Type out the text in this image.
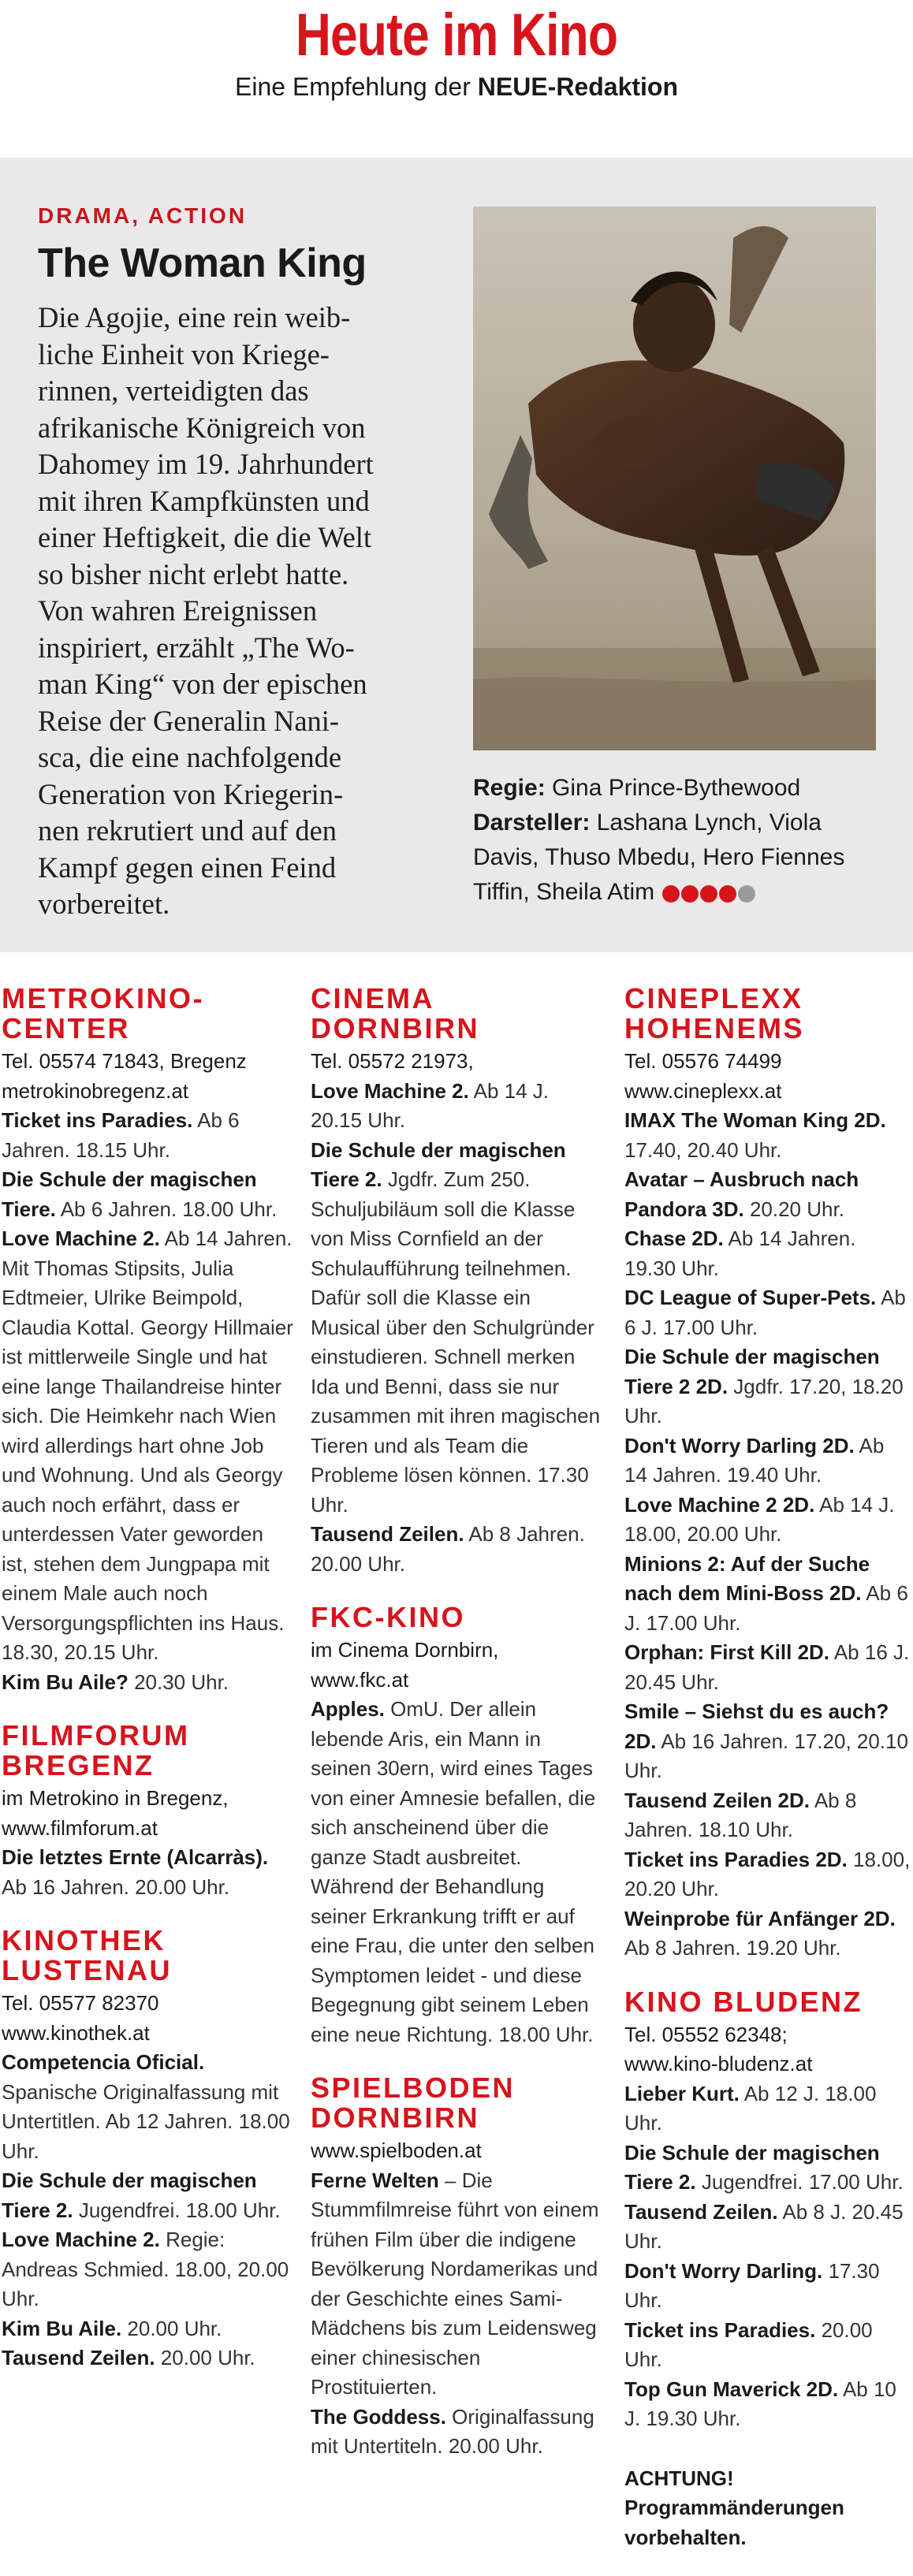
Heute im Kino
Eine Empfehlung der NEUE-Redaktion
DRAMA, ACTION
The Woman King

Die Agojie, eine rein weib-
liche Einheit von Kriege-
rinnen, verteidigten das
afrikanische Königreich von
Dahomey im 19. Jahrhundert
mit ihren Kampfkünsten und
einer Heftigkeit, die die Welt
so bisher nicht erlebt hatte.
Von wahren Ereignissen
inspiriert, erzählt „The Wo-
man King“ von der epischen
Reise der Generalin Nani-
sca, die eine nachfolgende
Generation von Kriegerin-
nen rekrutiert und auf den
Kampf gegen einen Feind
vorbereitet.

Regie: Gina Prince-Bythewood
Darsteller: Lashana Lynch, Viola
Davis, Thuso Mbedu, Hero Fiennes
Tiffin, Sheila Atim
METROKINO-
CENTER
Tel. 05574 71843, Bregenz
metrokinobregenz.at
Ticket ins Paradies. Ab 6 Jahren. 18.15 Uhr.
Die Schule der magischen Tiere. Ab 6 Jahren. 18.00 Uhr.
Love Machine 2. Ab 14 Jahren. Mit Thomas Stipsits, Julia Edtmeier, Ulrike Beimpold, Claudia Kottal. Georgy Hillmaier ist mittlerweile Single und hat eine lange Thailandreise hinter sich. Die Heimkehr nach Wien wird allerdings hart ohne Job und Wohnung. Und als Georgy auch noch erfährt, dass er unterdessen Vater geworden ist, stehen dem Jungpapa mit einem Male auch noch Versorgungspflichten ins Haus. 18.30, 20.15 Uhr.
Kim Bu Aile? 20.30 Uhr.
FILMFORUM
BREGENZ
im Metrokino in Bregenz,
www.filmforum.at
Die letztes Ernte (Alcarràs). Ab 16 Jahren. 20.00 Uhr.
KINOTHEK
LUSTENAU
Tel. 05577 82370
www.kinothek.at
Competencia Oficial. Spanische Originalfassung mit Untertitlen. Ab 12 Jahren. 18.00 Uhr.
Die Schule der magischen Tiere 2. Jugendfrei. 18.00 Uhr.
Love Machine 2. Regie: Andreas Schmied. 18.00, 20.00 Uhr.
Kim Bu Aile. 20.00 Uhr.
Tausend Zeilen. 20.00 Uhr.
CINEMA DORNBIRN
Tel. 05572 21973,
Love Machine 2. Ab 14 J. 20.15 Uhr.
Die Schule der magischen Tiere 2. Jgdfr. Zum 250. Schuljubiläum soll die Klasse von Miss Cornfield an der Schulaufführung teilnehmen. Dafür soll die Klasse ein Musical über den Schulgründer einstudieren. Schnell merken Ida und Benni, dass sie nur zusammen mit ihren magischen Tieren und als Team die Probleme lösen können. 17.30 Uhr.
Tausend Zeilen. Ab 8 Jahren. 20.00 Uhr.
FKC-KINO
im Cinema Dornbirn,
www.fkc.at
Apples. OmU. Der allein lebende Aris, ein Mann in seinen 30ern, wird eines Tages von einer Amnesie befallen, die sich anscheinend über die ganze Stadt ausbreitet. Während der Behandlung seiner Erkrankung trifft er auf eine Frau, die unter den selben Symptomen leidet - und diese Begegnung gibt seinem Leben eine neue Richtung. 18.00 Uhr.
SPIELBODEN
DORNBIRN
www.spielboden.at
Ferne Welten – Die Stummfilmreise führt von einem frühen Film über die indigene Bevölkerung Nordamerikas und der Geschichte eines Sami-Mädchens bis zum Leidensweg einer chinesischen Prostituierten.
The Goddess. Originalfassung mit Untertiteln. 20.00 Uhr.
CINEPLEXX
HOHENEMS
Tel. 05576 74499
www.cineplexx.at
IMAX The Woman King 2D. 17.40, 20.40 Uhr.
Avatar – Ausbruch nach Pandora 3D. 20.20 Uhr.
Chase 2D. Ab 14 Jahren. 19.30 Uhr.
DC League of Super-Pets. Ab 6 J. 17.00 Uhr.
Die Schule der magischen Tiere 2 2D. Jgdfr. 17.20, 18.20 Uhr.
Don't Worry Darling 2D. Ab 14 Jahren. 19.40 Uhr.
Love Machine 2 2D. Ab 14 J. 18.00, 20.00 Uhr.
Minions 2: Auf der Suche nach dem Mini-Boss 2D. Ab 6 J. 17.00 Uhr.
Orphan: First Kill 2D. Ab 16 J. 20.45 Uhr.
Smile – Siehst du es auch? 2D. Ab 16 Jahren. 17.20, 20.10 Uhr.
Tausend Zeilen 2D. Ab 8 Jahren. 18.10 Uhr.
Ticket ins Paradies 2D. 18.00, 20.20 Uhr.
Weinprobe für Anfänger 2D. Ab 8 Jahren. 19.20 Uhr.
KINO BLUDENZ
Tel. 05552 62348;
www.kino-bludenz.at
Lieber Kurt. Ab 12 J. 18.00 Uhr.
Die Schule der magischen Tiere 2. Jugendfrei. 17.00 Uhr.
Tausend Zeilen. Ab 8 J. 20.45 Uhr.
Don't Worry Darling. 17.30 Uhr.
Ticket ins Paradies. 20.00 Uhr.
Top Gun Maverick 2D. Ab 10 J. 19.30 Uhr.
ACHTUNG! Programmänderungen vorbehalten.
